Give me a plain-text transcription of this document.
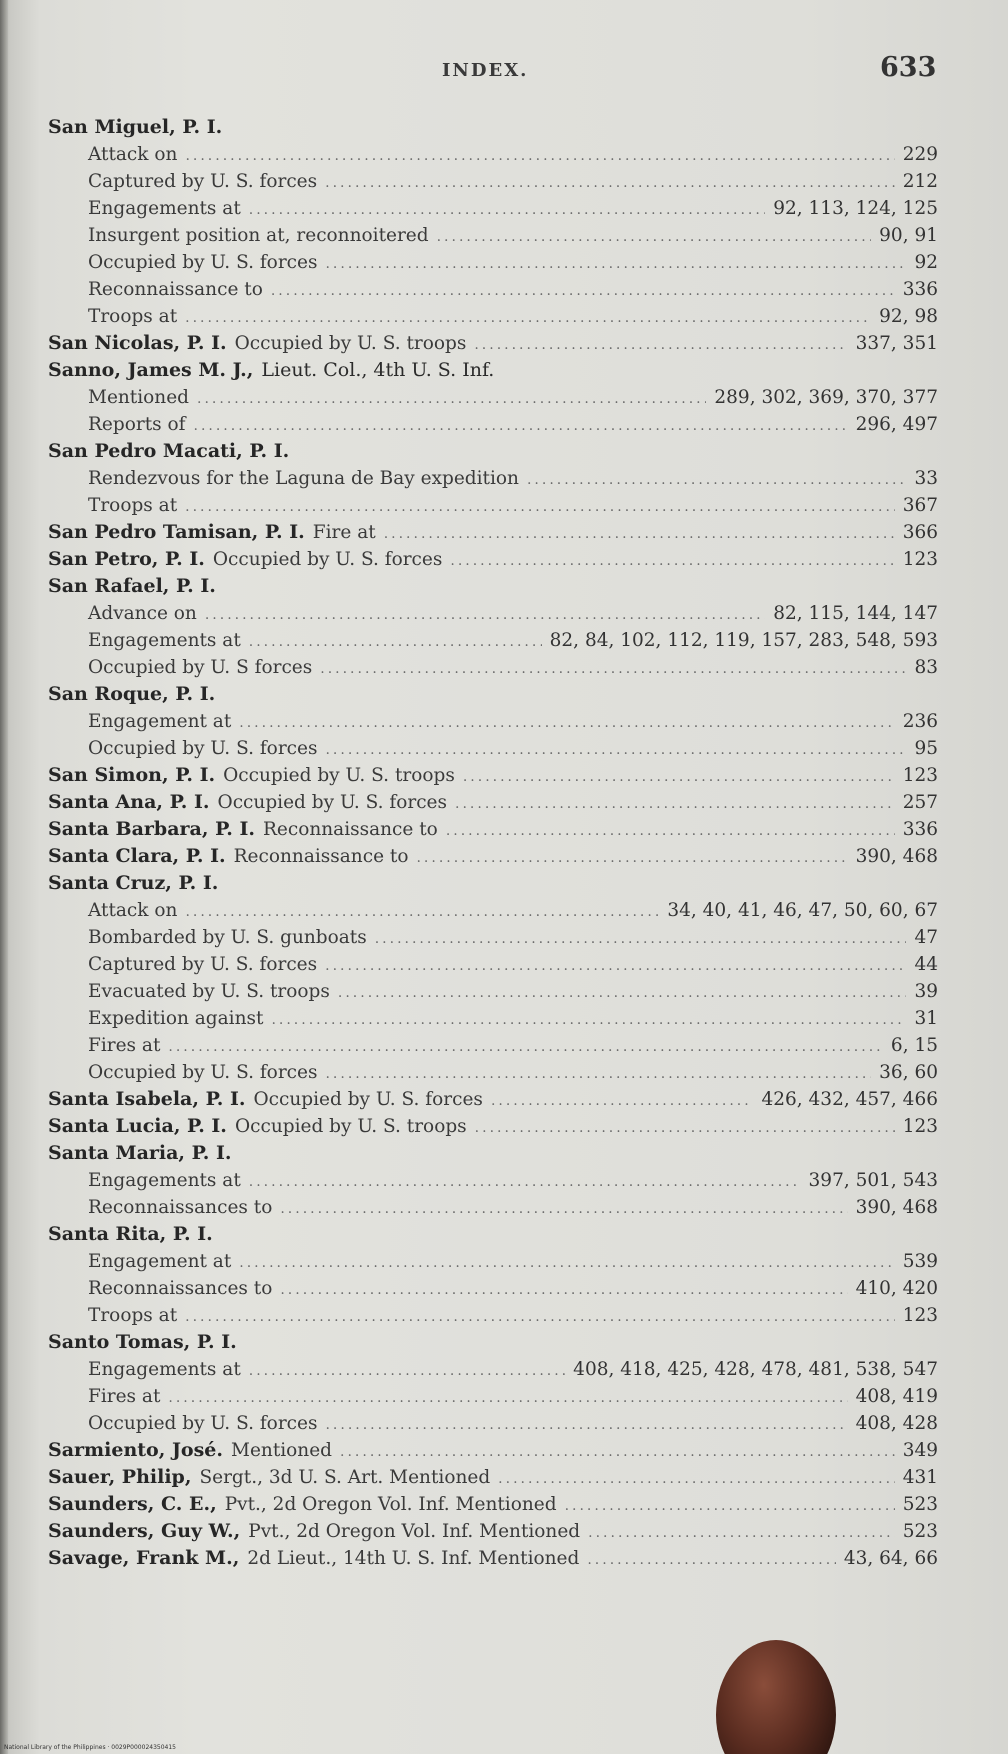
INDEX.	633
San Miguel, P. I.
Attack on .....	229
Captured by U. S. forces .....	212
Engagements at .....	92, 113, 124, 125
Insurgent position at, reconnoitered .....	90, 91
Occupied by U. S. forces .....	92
Reconnaissance to .....	336
Troops at .....	92, 98
San Nicolas, P. I. Occupied by U. S. troops .....	337, 351
Sanno, James M. J., Lieut. Col., 4th U. S. Inf.
Mentioned .....	289, 302, 369, 370, 377
Reports of .....	296, 497
San Pedro Macati, P. I.
Rendezvous for the Laguna de Bay expedition .....	33
Troops at .....	367
San Pedro Tamisan, P. I. Fire at .....	366
San Petro, P. I. Occupied by U. S. forces .....	123
San Rafael, P. I.
Advance on .....	82, 115, 144, 147
Engagements at .....	82, 84, 102, 112, 119, 157, 283, 548, 593
Occupied by U. S forces .....	83
San Roque, P. I.
Engagement at .....	236
Occupied by U. S. forces .....	95
San Simon, P. I. Occupied by U. S. troops .....	123
Santa Ana, P. I. Occupied by U. S. forces .....	257
Santa Barbara, P. I. Reconnaissance to .....	336
Santa Clara, P. I. Reconnaissance to .....	390, 468
Santa Cruz, P. I.
Attack on .....	34, 40, 41, 46, 47, 50, 60, 67
Bombarded by U. S. gunboats .....	47
Captured by U. S. forces .....	44
Evacuated by U. S. troops .....	39
Expedition against .....	31
Fires at .....	6, 15
Occupied by U. S. forces .....	36, 60
Santa Isabela, P. I. Occupied by U. S. forces .....	426, 432, 457, 466
Santa Lucia, P. I. Occupied by U. S. troops .....	123
Santa Maria, P. I.
Engagements at .....	397, 501, 543
Reconnaissances to .....	390, 468
Santa Rita, P. I.
Engagement at .....	539
Reconnaissances to .....	410, 420
Troops at .....	123
Santo Tomas, P. I.
Engagements at .....	408, 418, 425, 428, 478, 481, 538, 547
Fires at .....	408, 419
Occupied by U. S. forces .....	408, 428
Sarmiento, José. Mentioned .....	349
Sauer, Philip, Sergt., 3d U. S. Art. Mentioned .....	431
Saunders, C. E., Pvt., 2d Oregon Vol. Inf. Mentioned .....	523
Saunders, Guy W., Pvt., 2d Oregon Vol. Inf. Mentioned .....	523
Savage, Frank M., 2d Lieut., 14th U. S. Inf. Mentioned .....	43, 64, 66
National Library of the Philippines · 0029P000024350415
